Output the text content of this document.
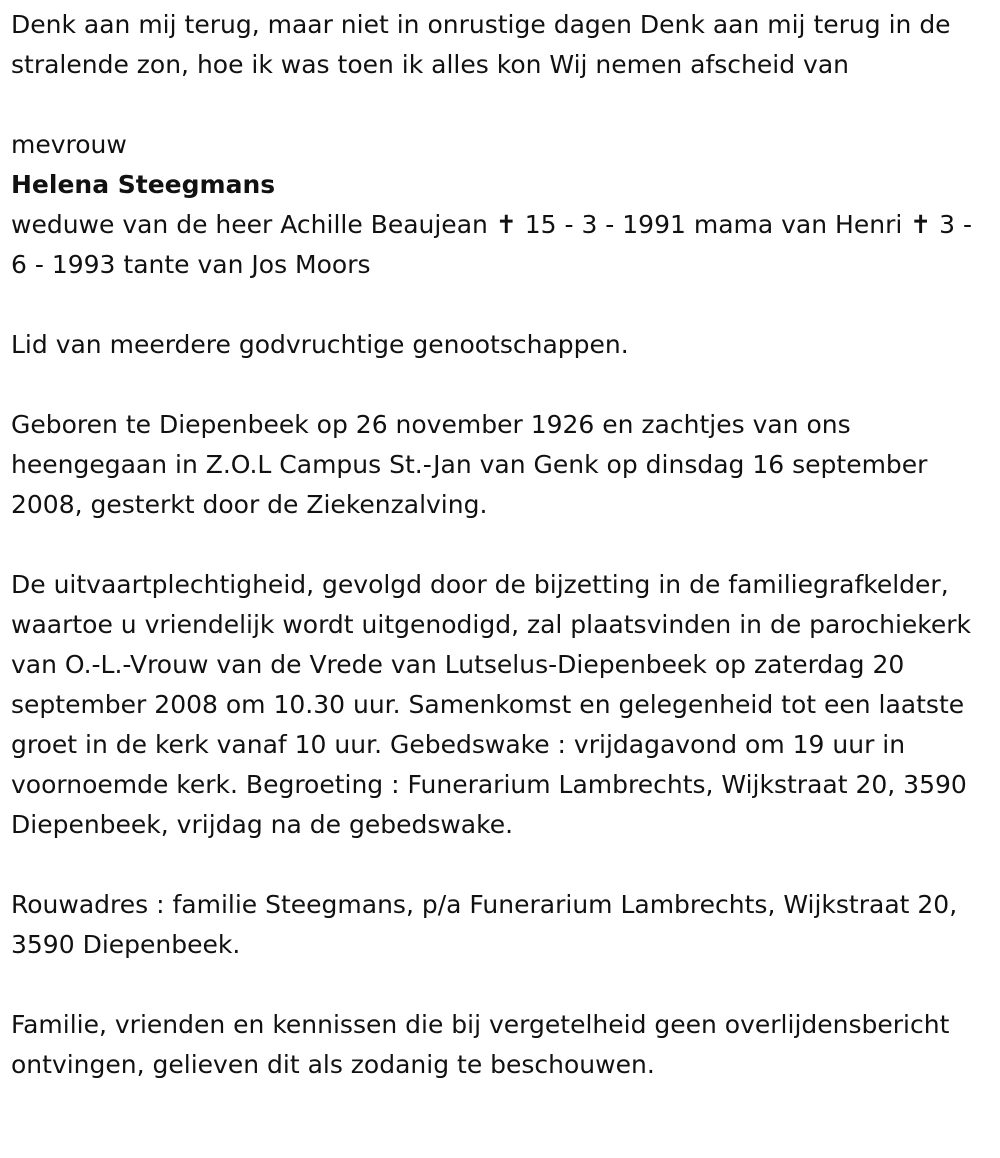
Denk aan mij terug, maar niet in onrustige dagen Denk aan mij terug in de stralende zon, hoe ik was toen ik alles kon Wij nemen afscheid van

mevrouw

Helena Steegmans

weduwe van de heer Achille Beaujean ✝ 15 - 3 - 1991 mama van Henri ✝ 3 - 6 - 1993 tante van Jos Moors

Lid van meerdere godvruchtige genootschappen.

Geboren te Diepenbeek op 26 november 1926 en zachtjes van ons heengegaan in Z.O.L Campus St.-Jan van Genk op dinsdag 16 september 2008, gesterkt door de Ziekenzalving.

De uitvaartplechtigheid, gevolgd door de bijzetting in de familiegrafkelder, waartoe u vriendelijk wordt uitgenodigd, zal plaatsvinden in de parochiekerk van O.-L.-Vrouw van de Vrede van Lutselus-Diepenbeek op zaterdag 20 september 2008 om 10.30 uur. Samenkomst en gelegenheid tot een laatste groet in de kerk vanaf 10 uur. Gebedswake : vrijdagavond om 19 uur in voornoemde kerk. Begroeting : Funerarium Lambrechts, Wijkstraat 20, 3590 Diepenbeek, vrijdag na de gebedswake.

Rouwadres : familie Steegmans, p/a Funerarium Lambrechts, Wijkstraat 20, 3590 Diepenbeek.

Familie, vrienden en kennissen die bij vergetelheid geen overlijdensbericht ontvingen, gelieven dit als zodanig te beschouwen.
